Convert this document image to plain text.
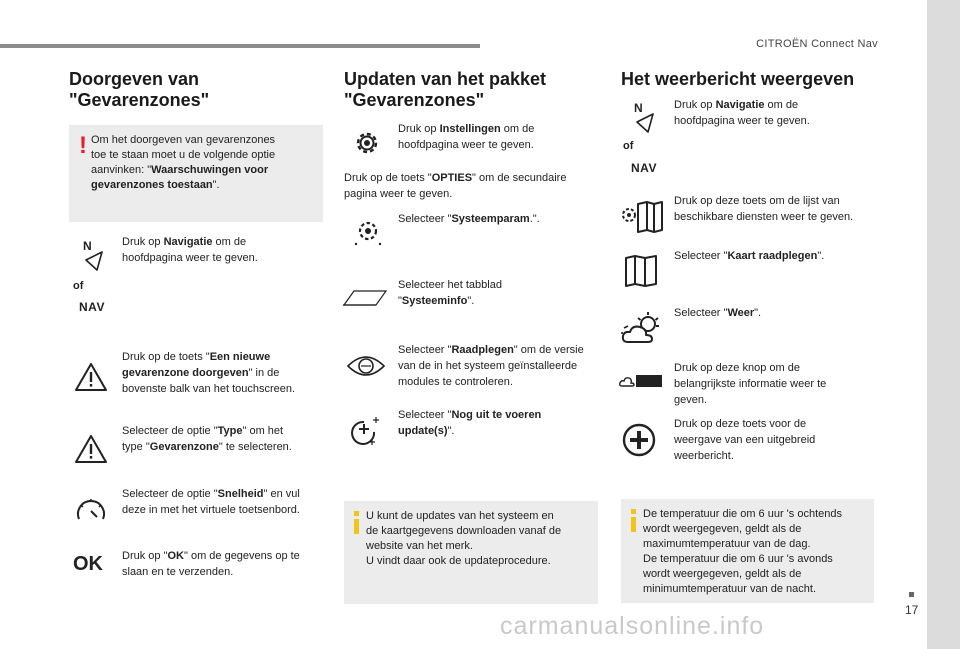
CITROËN Connect Nav
17
carmanualsonline.info
Doorgeven van
"Gevarenzones"
! Om het doorgeven van gevarenzones
toe te staan moet u de volgende optie
aanvinken: "Waarschuwingen voor
gevarenzones toestaan".
N
of
NAV
Druk op Navigatie om de
hoofdpagina weer te geven.
Druk op de toets "Een nieuwe
gevarenzone doorgeven" in de
bovenste balk van het touchscreen.
Selecteer de optie "Type" om het
type "Gevarenzone" te selecteren.
Selecteer de optie "Snelheid" en vul
deze in met het virtuele toetsenbord.
OK Druk op "OK" om de gegevens op te
slaan en te verzenden.
Updaten van het pakket
"Gevarenzones"
Druk op Instellingen om de
hoofdpagina weer te geven.
Druk op de toets "OPTIES" om de secundaire
pagina weer te geven.
Selecteer "Systeemparam.".
Selecteer het tabblad
"Systeeminfo".
Selecteer "Raadplegen" om de versie
van de in het systeem geïnstalleerde
modules te controleren.
Selecteer "Nog uit te voeren
update(s)".
U kunt de updates van het systeem en
de kaartgegevens downloaden vanaf de
website van het merk.
U vindt daar ook de updateprocedure.
Het weerbericht weergeven
N
of
NAV
Druk op Navigatie om de
hoofdpagina weer te geven.
Druk op deze toets om de lijst van
beschikbare diensten weer te geven.
Selecteer "Kaart raadplegen".
Selecteer "Weer".
Druk op deze knop om de
belangrijkste informatie weer te
geven.
Druk op deze toets voor de
weergave van een uitgebreid
weerbericht.
De temperatuur die om 6 uur 's ochtends
wordt weergegeven, geldt als de
maximumtemperatuur van de dag.
De temperatuur die om 6 uur 's avonds
wordt weergegeven, geldt als de
minimumtemperatuur van de nacht.
